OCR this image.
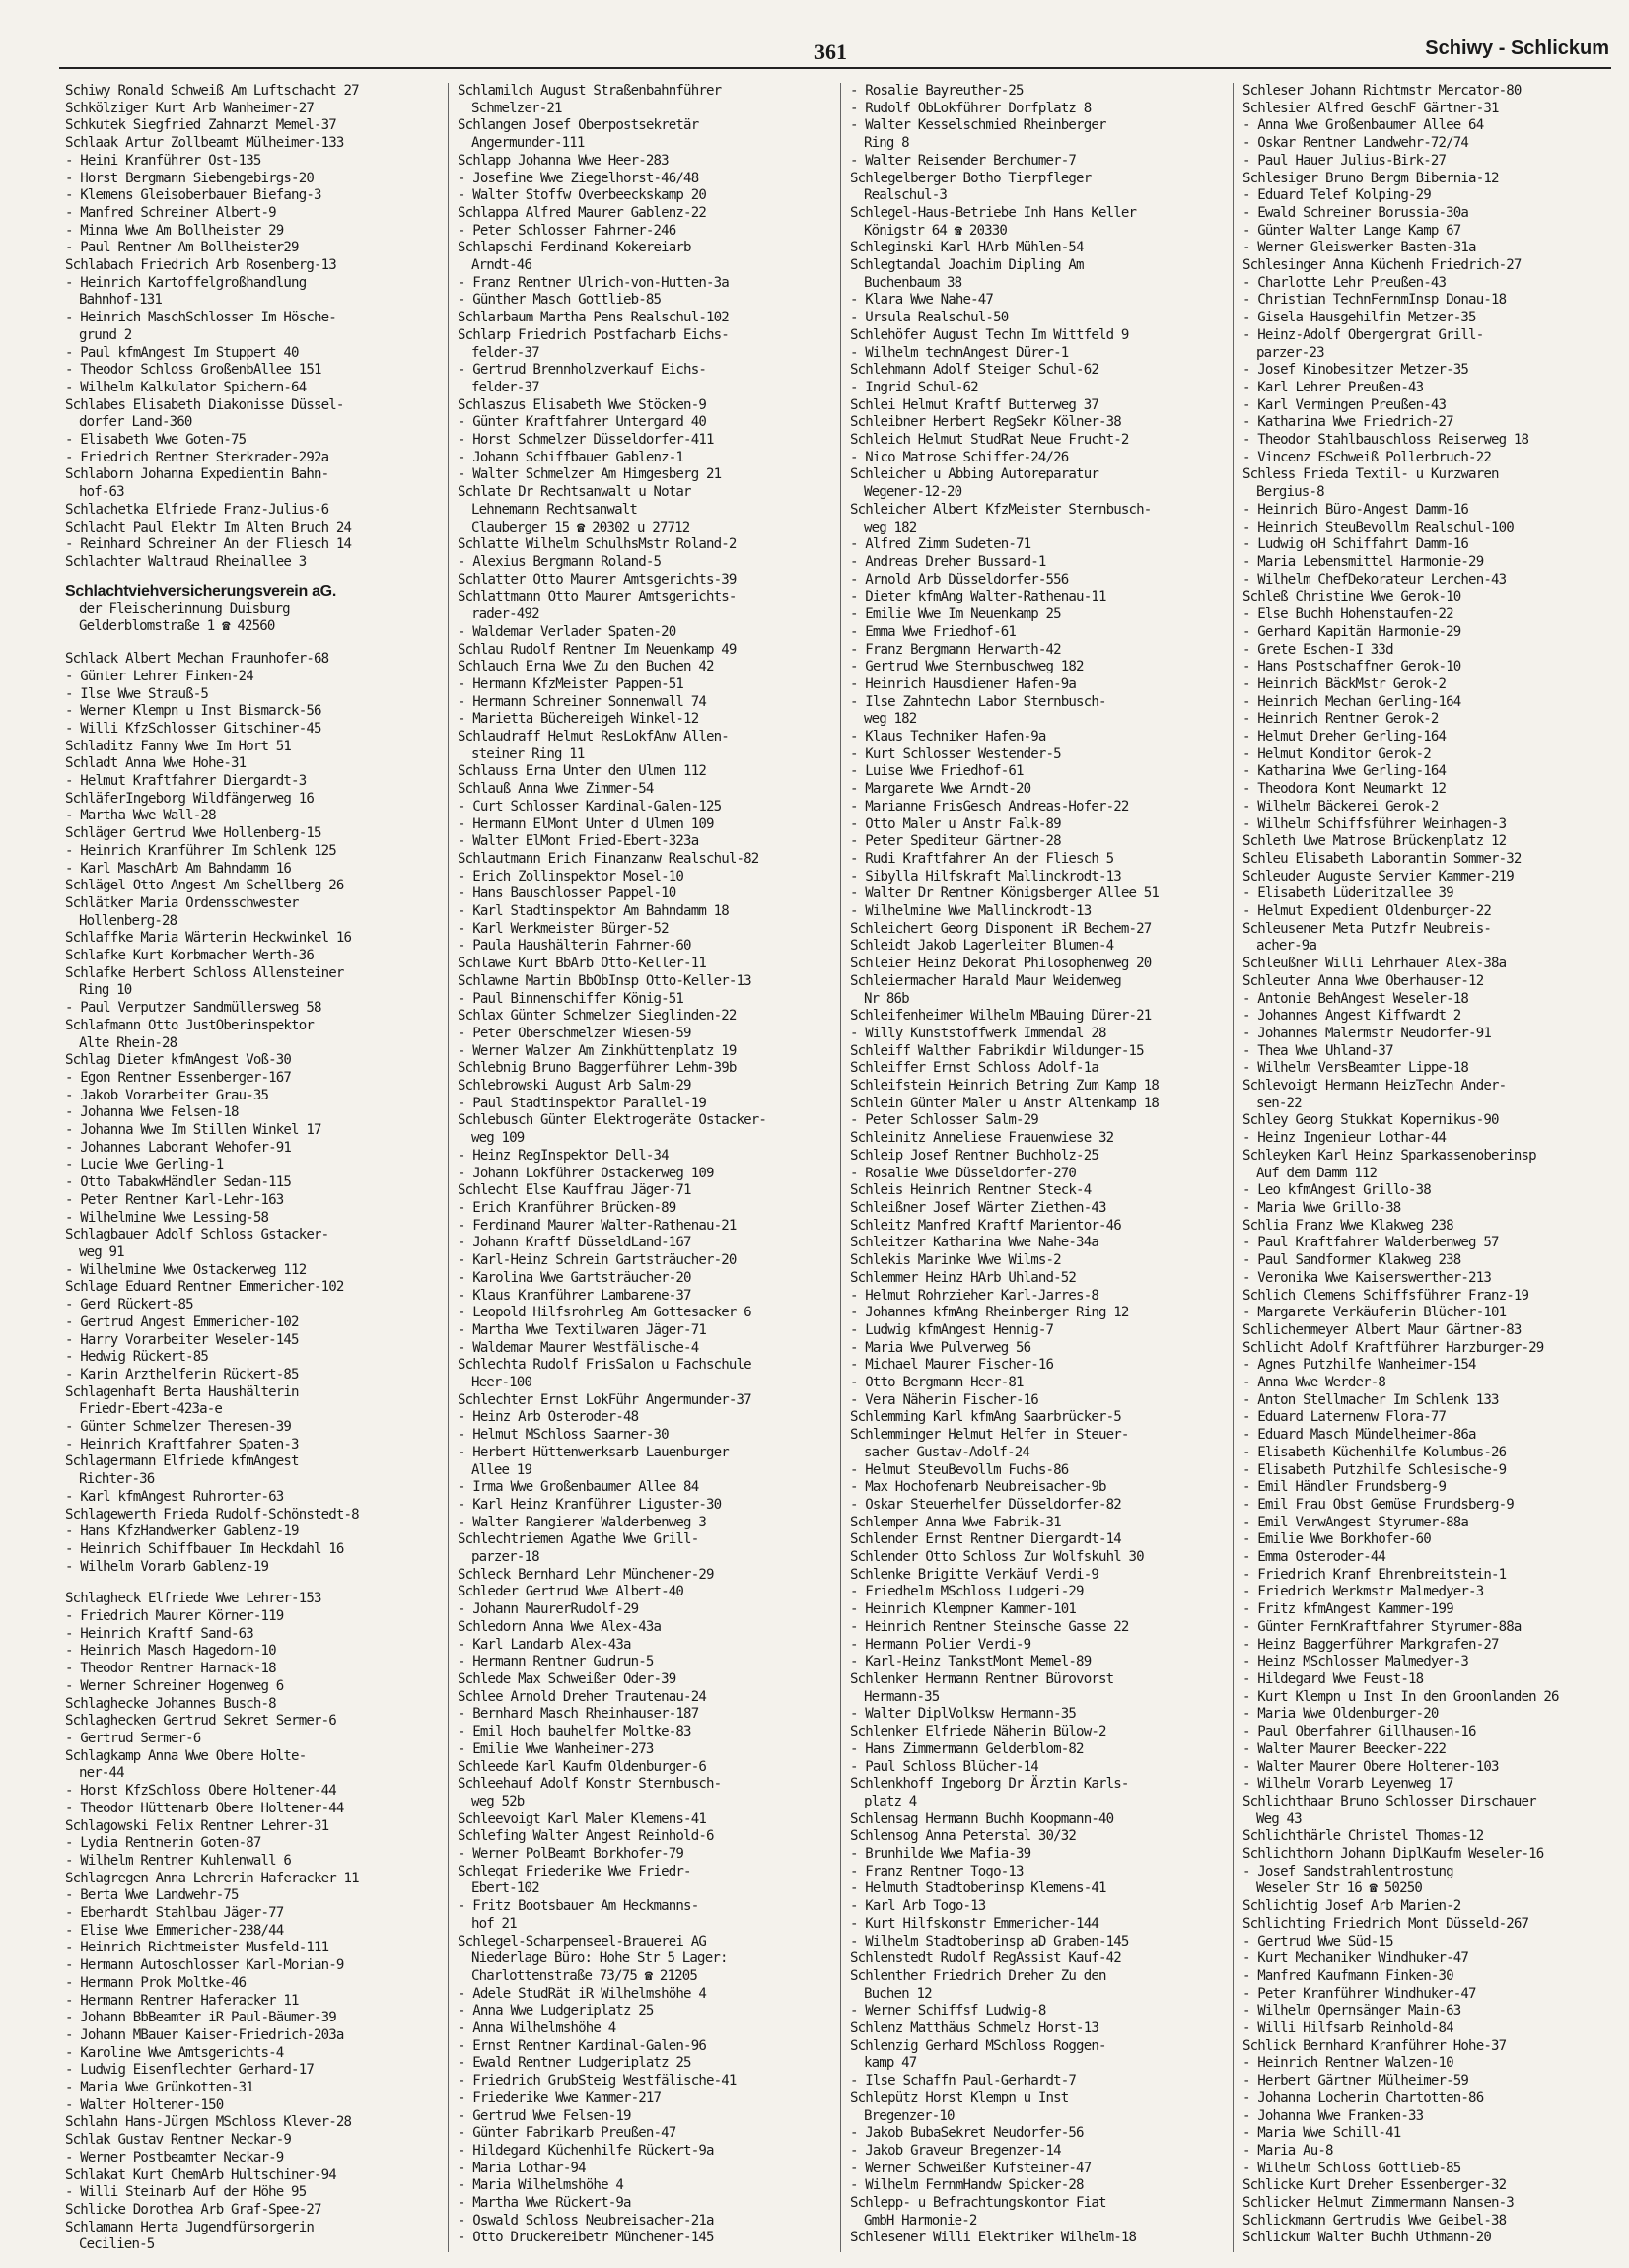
361	Schiwy - Schlickum
Schiwy Ronald Schweiß Am Luftschacht 27
Schkölziger Kurt Arb Wanheimer-27
Schkutek Siegfried Zahnarzt Memel-37
Schlaak Artur Zollbeamt Mülheimer-133
- Heini Kranführer Ost-135
- Horst Bergmann Siebengebirgs-20
- Klemens Gleisoberbauer Biefang-3
- Manfred Schreiner Albert-9
- Minna Wwe Am Bollheister 29
- Paul Rentner Am Bollheister29
Schlabach Friedrich Arb Rosenberg-13
- Heinrich Kartoffelgroßhandlung
Bahnhof-131
- Heinrich MaschSchlosser Im Hösche-
grund 2
- Paul kfmAngest Im Stuppert 40
- Theodor Schloss GroßenbAllee 151
- Wilhelm Kalkulator Spichern-64
Schlabes Elisabeth Diakonisse Düssel-
dorfer Land-360
- Elisabeth Wwe Goten-75
- Friedrich Rentner Sterkrader-292a
Schlaborn Johanna Expedientin Bahn-
hof-63
Schlachetka Elfriede Franz-Julius-6
Schlacht Paul Elektr Im Alten Bruch 24
- Reinhard Schreiner An der Fliesch 14
Schlachter Waltraud Rheinallee 3
Schlachtviehversicherungsverein aG.
der Fleischerinnung Duisburg
Gelderblomstraße 1 ☎ 42560
Schlack Albert Mechan Fraunhofer-68
- Günter Lehrer Finken-24
- Ilse Wwe Strauß-5
- Werner Klempn u Inst Bismarck-56
- Willi KfzSchlosser Gitschiner-45
Schladitz Fanny Wwe Im Hort 51
Schladt Anna Wwe Hohe-31
- Helmut Kraftfahrer Diergardt-3
SchläferIngeborg Wildfängerweg 16
- Martha Wwe Wall-28
Schläger Gertrud Wwe Hollenberg-15
- Heinrich Kranführer Im Schlenk 125
- Karl MaschArb Am Bahndamm 16
Schlägel Otto Angest Am Schellberg 26
Schlätker Maria Ordensschwester
Hollenberg-28
Schlaffke Maria Wärterin Heckwinkel 16
Schlafke Kurt Korbmacher Werth-36
Schlafke Herbert Schloss Allensteiner
Ring 10
- Paul Verputzer Sandmüllersweg 58
Schlafmann Otto JustOberinspektor
Alte Rhein-28
Schlag Dieter kfmAngest Voß-30
- Egon Rentner Essenberger-167
- Jakob Vorarbeiter Grau-35
- Johanna Wwe Felsen-18
- Johanna Wwe Im Stillen Winkel 17
- Johannes Laborant Wehofer-91
- Lucie Wwe Gerling-1
- Otto TabakwHändler Sedan-115
- Peter Rentner Karl-Lehr-163
- Wilhelmine Wwe Lessing-58
Schlagbauer Adolf Schloss Gstacker-
weg 91
- Wilhelmine Wwe Ostackerweg 112
Schlage Eduard Rentner Emmericher-102
- Gerd Rückert-85
- Gertrud Angest Emmericher-102
- Harry Vorarbeiter Weseler-145
- Hedwig Rückert-85
- Karin Arzthelferin Rückert-85
Schlagenhaft Berta Haushälterin
Friedr-Ebert-423a-e
- Günter Schmelzer Theresen-39
- Heinrich Kraftfahrer Spaten-3
Schlagermann Elfriede kfmAngest
Richter-36
- Karl kfmAngest Ruhrorter-63
Schlagewerth Frieda Rudolf-Schönstedt-8
- Hans KfzHandwerker Gablenz-19
- Heinrich Schiffbauer Im Heckdahl 16
- Wilhelm Vorarb Gablenz-19
Schlagheck Elfriede Wwe Lehrer-153
- Friedrich Maurer Körner-119
- Heinrich Kraftf Sand-63
- Heinrich Masch Hagedorn-10
- Theodor Rentner Harnack-18
- Werner Schreiner Hogenweg 6
Schlaghecke Johannes Busch-8
Schlaghecken Gertrud Sekret Sermer-6
- Gertrud Sermer-6
Schlagkamp Anna Wwe Obere Holte-
ner-44
- Horst KfzSchloss Obere Holtener-44
- Theodor Hüttenarb Obere Holtener-44
Schlagowski Felix Rentner Lehrer-31
- Lydia Rentnerin Goten-87
- Wilhelm Rentner Kuhlenwall 6
Schlagregen Anna Lehrerin Haferacker 11
- Berta Wwe Landwehr-75
- Eberhardt Stahlbau Jäger-77
- Elise Wwe Emmericher-238/44
- Heinrich Richtmeister Musfeld-111
- Hermann Autoschlosser Karl-Morian-9
- Hermann Prok Moltke-46
- Hermann Rentner Haferacker 11
- Johann BbBeamter iR Paul-Bäumer-39
- Johann MBauer Kaiser-Friedrich-203a
- Karoline Wwe Amtsgerichts-4
- Ludwig Eisenflechter Gerhard-17
- Maria Wwe Grünkotten-31
- Walter Holtener-150
Schlahn Hans-Jürgen MSchloss Klever-28
Schlak Gustav Rentner Neckar-9
- Werner Postbeamter Neckar-9
Schlakat Kurt ChemArb Hultschiner-94
- Willi Steinarb Auf der Höhe 95
Schlicke Dorothea Arb Graf-Spee-27
Schlamann Herta Jugendfürsorgerin
Cecilien-5
Schlamilch August Straßenbahnführer
Schmelzer-21
Schlangen Josef Oberpostsekretär
Angermunder-111
Schlapp Johanna Wwe Heer-283
- Josefine Wwe Ziegelhorst-46/48
- Walter Stoffw Overbeeckskamp 20
Schlappa Alfred Maurer Gablenz-22
- Peter Schlosser Fahrner-246
Schlapschi Ferdinand Kokereiarb
Arndt-46
- Franz Rentner Ulrich-von-Hutten-3a
- Günther Masch Gottlieb-85
Schlarbaum Martha Pens Realschul-102
Schlarp Friedrich Postfacharb Eichs-
felder-37
- Gertrud Brennholzverkauf Eichs-
felder-37
Schlaszus Elisabeth Wwe Stöcken-9
- Günter Kraftfahrer Untergard 40
- Horst Schmelzer Düsseldorfer-411
- Johann Schiffbauer Gablenz-1
- Walter Schmelzer Am Himgesberg 21
Schlate Dr Rechtsanwalt u Notar
Lehnemann Rechtsanwalt
Clauberger 15 ☎ 20302 u 27712
Schlatte Wilhelm SchulhsMstr Roland-2
- Alexius Bergmann Roland-5
Schlatter Otto Maurer Amtsgerichts-39
Schlattmann Otto Maurer Amtsgerichts-
rader-492
- Waldemar Verlader Spaten-20
Schlau Rudolf Rentner Im Neuenkamp 49
Schlauch Erna Wwe Zu den Buchen 42
- Hermann KfzMeister Pappen-51
- Hermann Schreiner Sonnenwall 74
- Marietta Büchereigeh Winkel-12
Schlaudraff Helmut ResLokfAnw Allen-
steiner Ring 11
Schlauss Erna Unter den Ulmen 112
Schlauß Anna Wwe Zimmer-54
- Curt Schlosser Kardinal-Galen-125
- Hermann ElMont Unter d Ulmen 109
- Walter ElMont Fried-Ebert-323a
Schlautmann Erich Finanzanw Realschul-82
- Erich Zollinspektor Mosel-10
- Hans Bauschlosser Pappel-10
- Karl Stadtinspektor Am Bahndamm 18
- Karl Werkmeister Bürger-52
- Paula Haushälterin Fahrner-60
Schlawe Kurt BbArb Otto-Keller-11
Schlawne Martin BbObInsp Otto-Keller-13
- Paul Binnenschiffer König-51
Schlax Günter Schmelzer Sieglinden-22
- Peter Oberschmelzer Wiesen-59
- Werner Walzer Am Zinkhüttenplatz 19
Schlebnig Bruno Baggerführer Lehm-39b
Schlebrowski August Arb Salm-29
- Paul Stadtinspektor Parallel-19
Schlebusch Günter Elektrogeräte Ostacker-
weg 109
- Heinz RegInspektor Dell-34
- Johann Lokführer Ostackerweg 109
Schlecht Else Kauffrau Jäger-71
- Erich Kranführer Brücken-89
- Ferdinand Maurer Walter-Rathenau-21
- Johann Kraftf DüsseldLand-167
- Karl-Heinz Schrein Gartsträucher-20
- Karolina Wwe Gartsträucher-20
- Klaus Kranführer Lambarene-37
- Leopold Hilfsrohrleg Am Gottesacker 6
- Martha Wwe Textilwaren Jäger-71
- Waldemar Maurer Westfälische-4
Schlechta Rudolf FrisSalon u Fachschule
Heer-100
Schlechter Ernst LokFühr Angermunder-37
- Heinz Arb Osteroder-48
- Helmut MSchloss Saarner-30
- Herbert Hüttenwerksarb Lauenburger
Allee 19
- Irma Wwe Großenbaumer Allee 84
- Karl Heinz Kranführer Liguster-30
- Walter Rangierer Walderbenweg 3
Schlechtriemen Agathe Wwe Grill-
parzer-18
Schleck Bernhard Lehr Münchener-29
Schleder Gertrud Wwe Albert-40
- Johann MaurerRudolf-29
Schledorn Anna Wwe Alex-43a
- Karl Landarb Alex-43a
- Hermann Rentner Gudrun-5
Schlede Max Schweißer Oder-39
Schlee Arnold Dreher Trautenau-24
- Bernhard Masch Rheinhauser-187
- Emil Hoch bauhelfer Moltke-83
- Emilie Wwe Wanheimer-273
Schleede Karl Kaufm Oldenburger-6
Schleehauf Adolf Konstr Sternbusch-
weg 52b
Schleevoigt Karl Maler Klemens-41
Schlefing Walter Angest Reinhold-6
- Werner PolBeamt Borkhofer-79
Schlegat Friederike Wwe Friedr-
Ebert-102
- Fritz Bootsbauer Am Heckmanns-
hof 21
Schlegel-Scharpenseel-Brauerei AG
Niederlage Büro: Hohe Str 5 Lager:
Charlottenstraße 73/75 ☎ 21205
- Adele StudRät iR Wilhelmshöhe 4
- Anna Wwe Ludgeriplatz 25
- Anna Wilhelmshöhe 4
- Ernst Rentner Kardinal-Galen-96
- Ewald Rentner Ludgeriplatz 25
- Friedrich GrubSteig Westfälische-41
- Friederike Wwe Kammer-217
- Gertrud Wwe Felsen-19
- Günter Fabrikarb Preußen-47
- Hildegard Küchenhilfe Rückert-9a
- Maria Lothar-94
- Maria Wilhelmshöhe 4
- Martha Wwe Rückert-9a
- Oswald Schloss Neubreisacher-21a
- Otto Druckereibetr Münchener-145
- Rosalie Bayreuther-25
- Rudolf ObLokführer Dorfplatz 8
- Walter Kesselschmied Rheinberger
Ring 8
- Walter Reisender Berchumer-7
Schlegelberger Botho Tierpfleger
Realschul-3
Schlegel-Haus-Betriebe Inh Hans Keller
Königstr 64 ☎ 20330
Schleginski Karl HArb Mühlen-54
Schlegtandal Joachim Dipling Am
Buchenbaum 38
- Klara Wwe Nahe-47
- Ursula Realschul-50
Schlehöfer August Techn Im Wittfeld 9
- Wilhelm technAngest Dürer-1
Schlehmann Adolf Steiger Schul-62
- Ingrid Schul-62
Schlei Helmut Kraftf Butterweg 37
Schleibner Herbert RegSekr Kölner-38
Schleich Helmut StudRat Neue Frucht-2
- Nico Matrose Schiffer-24/26
Schleicher u Abbing Autoreparatur
Wegener-12-20
Schleicher Albert KfzMeister Sternbusch-
weg 182
- Alfred Zimm Sudeten-71
- Andreas Dreher Bussard-1
- Arnold Arb Düsseldorfer-556
- Dieter kfmAng Walter-Rathenau-11
- Emilie Wwe Im Neuenkamp 25
- Emma Wwe Friedhof-61
- Franz Bergmann Herwarth-42
- Gertrud Wwe Sternbuschweg 182
- Heinrich Hausdiener Hafen-9a
- Ilse Zahntechn Labor Sternbusch-
weg 182
- Klaus Techniker Hafen-9a
- Kurt Schlosser Westender-5
- Luise Wwe Friedhof-61
- Margarete Wwe Arndt-20
- Marianne FrisGesch Andreas-Hofer-22
- Otto Maler u Anstr Falk-89
- Peter Spediteur Gärtner-28
- Rudi Kraftfahrer An der Fliesch 5
- Sibylla Hilfskraft Mallinckrodt-13
- Walter Dr Rentner Königsberger Allee 51
- Wilhelmine Wwe Mallinckrodt-13
Schleichert Georg Disponent iR Bechem-27
Schleidt Jakob Lagerleiter Blumen-4
Schleier Heinz Dekorat Philosophenweg 20
Schleiermacher Harald Maur Weidenweg
Nr 86b
Schleifenheimer Wilhelm MBauing Dürer-21
- Willy Kunststoffwerk Immendal 28
Schleiff Walther Fabrikdir Wildunger-15
Schleiffer Ernst Schloss Adolf-1a
Schleifstein Heinrich Betring Zum Kamp 18
Schlein Günter Maler u Anstr Altenkamp 18
- Peter Schlosser Salm-29
Schleinitz Anneliese Frauenwiese 32
Schleip Josef Rentner Buchholz-25
- Rosalie Wwe Düsseldorfer-270
Schleis Heinrich Rentner Steck-4
Schleißner Josef Wärter Ziethen-43
Schleitz Manfred Kraftf Marientor-46
Schleitzer Katharina Wwe Nahe-34a
Schlekis Marinke Wwe Wilms-2
Schlemmer Heinz HArb Uhland-52
- Helmut Rohrzieher Karl-Jarres-8
- Johannes kfmAng Rheinberger Ring 12
- Ludwig kfmAngest Hennig-7
- Maria Wwe Pulverweg 56
- Michael Maurer Fischer-16
- Otto Bergmann Heer-81
- Vera Näherin Fischer-16
Schlemming Karl kfmAng Saarbrücker-5
Schlemminger Helmut Helfer in Steuer-
sacher Gustav-Adolf-24
- Helmut SteuBevollm Fuchs-86
- Max Hochofenarb Neubreisacher-9b
- Oskar Steuerhelfer Düsseldorfer-82
Schlemper Anna Wwe Fabrik-31
Schlender Ernst Rentner Diergardt-14
Schlender Otto Schloss Zur Wolfskuhl 30
Schlenke Brigitte Verkäuf Verdi-9
- Friedhelm MSchloss Ludgeri-29
- Heinrich Klempner Kammer-101
- Heinrich Rentner Steinsche Gasse 22
- Hermann Polier Verdi-9
- Karl-Heinz TankstMont Memel-89
Schlenker Hermann Rentner Bürovorst
Hermann-35
- Walter DiplVolksw Hermann-35
Schlenker Elfriede Näherin Bülow-2
- Hans Zimmermann Gelderblom-82
- Paul Schloss Blücher-14
Schlenkhoff Ingeborg Dr Ärztin Karls-
platz 4
Schlensag Hermann Buchh Koopmann-40
Schlensog Anna Peterstal 30/32
- Brunhilde Wwe Mafia-39
- Franz Rentner Togo-13
- Helmuth Stadtoberinsp Klemens-41
- Karl Arb Togo-13
- Kurt Hilfskonstr Emmericher-144
- Wilhelm Stadtoberinsp aD Graben-145
Schlenstedt Rudolf RegAssist Kauf-42
Schlenther Friedrich Dreher Zu den
Buchen 12
- Werner Schiffsf Ludwig-8
Schlenz Matthäus Schmelz Horst-13
Schlenzig Gerhard MSchloss Roggen-
kamp 47
- Ilse Schaffn Paul-Gerhardt-7
Schlepütz Horst Klempn u Inst
Bregenzer-10
- Jakob BubaSekret Neudorfer-56
- Jakob Graveur Bregenzer-14
- Werner Schweißer Kufsteiner-47
- Wilhelm FernmHandw Spicker-28
Schlepp- u Befrachtungskontor Fiat
GmbH Harmonie-2
Schlesener Willi Elektriker Wilhelm-18
Schleser Johann Richtmstr Mercator-80
Schlesier Alfred GeschF Gärtner-31
- Anna Wwe Großenbaumer Allee 64
- Oskar Rentner Landwehr-72/74
- Paul Hauer Julius-Birk-27
Schlesiger Bruno Bergm Bibernia-12
- Eduard Telef Kolping-29
- Ewald Schreiner Borussia-30a
- Günter Walter Lange Kamp 67
- Werner Gleiswerker Basten-31a
Schlesinger Anna Küchenh Friedrich-27
- Charlotte Lehr Preußen-43
- Christian TechnFernmInsp Donau-18
- Gisela Hausgehilfin Metzer-35
- Heinz-Adolf Obergergrat Grill-
parzer-23
- Josef Kinobesitzer Metzer-35
- Karl Lehrer Preußen-43
- Karl Vermingen Preußen-43
- Katharina Wwe Friedrich-27
- Theodor Stahlbauschloss Reiserweg 18
- Vincenz ESchweiß Pollerbruch-22
Schless Frieda Textil- u Kurzwaren
Bergius-8
- Heinrich Büro-Angest Damm-16
- Heinrich SteuBevollm Realschul-100
- Ludwig oH Schiffahrt Damm-16
- Maria Lebensmittel Harmonie-29
- Wilhelm ChefDekorateur Lerchen-43
Schleß Christine Wwe Gerok-10
- Else Buchh Hohenstaufen-22
- Gerhard Kapitän Harmonie-29
- Grete Eschen-I 33d
- Hans Postschaffner Gerok-10
- Heinrich BäckMstr Gerok-2
- Heinrich Mechan Gerling-164
- Heinrich Rentner Gerok-2
- Helmut Dreher Gerling-164
- Helmut Konditor Gerok-2
- Katharina Wwe Gerling-164
- Theodora Kont Neumarkt 12
- Wilhelm Bäckerei Gerok-2
- Wilhelm Schiffsführer Weinhagen-3
Schleth Uwe Matrose Brückenplatz 12
Schleu Elisabeth Laborantin Sommer-32
Schleuder Auguste Servier Kammer-219
- Elisabeth Lüderitzallee 39
- Helmut Expedient Oldenburger-22
Schleusener Meta Putzfr Neubreis-
acher-9a
Schleußner Willi Lehrhauer Alex-38a
Schleuter Anna Wwe Oberhauser-12
- Antonie BehAngest Weseler-18
- Johannes Angest Kiffwardt 2
- Johannes Malermstr Neudorfer-91
- Thea Wwe Uhland-37
- Wilhelm VersBeamter Lippe-18
Schlevoigt Hermann HeizTechn Ander-
sen-22
Schley Georg Stukkat Kopernikus-90
- Heinz Ingenieur Lothar-44
Schleyken Karl Heinz Sparkassenoberinsp
Auf dem Damm 112
- Leo kfmAngest Grillo-38
- Maria Wwe Grillo-38
Schlia Franz Wwe Klakweg 238
- Paul Kraftfahrer Walderbenweg 57
- Paul Sandformer Klakweg 238
- Veronika Wwe Kaiserswerther-213
Schlich Clemens Schiffsführer Franz-19
- Margarete Verkäuferin Blücher-101
Schlichenmeyer Albert Maur Gärtner-83
Schlicht Adolf Kraftführer Harzburger-29
- Agnes Putzhilfe Wanheimer-154
- Anna Wwe Werder-8
- Anton Stellmacher Im Schlenk 133
- Eduard Laternenw Flora-77
- Eduard Masch Mündelheimer-86a
- Elisabeth Küchenhilfe Kolumbus-26
- Elisabeth Putzhilfe Schlesische-9
- Emil Händler Frundsberg-9
- Emil Frau Obst Gemüse Frundsberg-9
- Emil VerwAngest Styrumer-88a
- Emilie Wwe Borkhofer-60
- Emma Osteroder-44
- Friedrich Kranf Ehrenbreitstein-1
- Friedrich Werkmstr Malmedyer-3
- Fritz kfmAngest Kammer-199
- Günter FernKraftfahrer Styrumer-88a
- Heinz Baggerführer Markgrafen-27
- Heinz MSchlosser Malmedyer-3
- Hildegard Wwe Feust-18
- Kurt Klempn u Inst In den Groonlanden 26
- Maria Wwe Oldenburger-20
- Paul Oberfahrer Gillhausen-16
- Walter Maurer Beecker-222
- Walter Maurer Obere Holtener-103
- Wilhelm Vorarb Leyenweg 17
Schlichthaar Bruno Schlosser Dirschauer
Weg 43
Schlichthärle Christel Thomas-12
Schlichthorn Johann DiplKaufm Weseler-16
- Josef Sandstrahlentrostung
Weseler Str 16 ☎ 50250
Schlichtig Josef Arb Marien-2
Schlichting Friedrich Mont Düsseld-267
- Gertrud Wwe Süd-15
- Kurt Mechaniker Windhuker-47
- Manfred Kaufmann Finken-30
- Peter Kranführer Windhuker-47
- Wilhelm Opernsänger Main-63
- Willi Hilfsarb Reinhold-84
Schlick Bernhard Kranführer Hohe-37
- Heinrich Rentner Walzen-10
- Herbert Gärtner Mülheimer-59
- Johanna Locherin Chartotten-86
- Johanna Wwe Franken-33
- Maria Wwe Schill-41
- Maria Au-8
- Wilhelm Schloss Gottlieb-85
Schlicke Kurt Dreher Essenberger-32
Schlicker Helmut Zimmermann Nansen-3
Schlickmann Gertrudis Wwe Geibel-38
Schlickum Walter Buchh Uthmann-20
